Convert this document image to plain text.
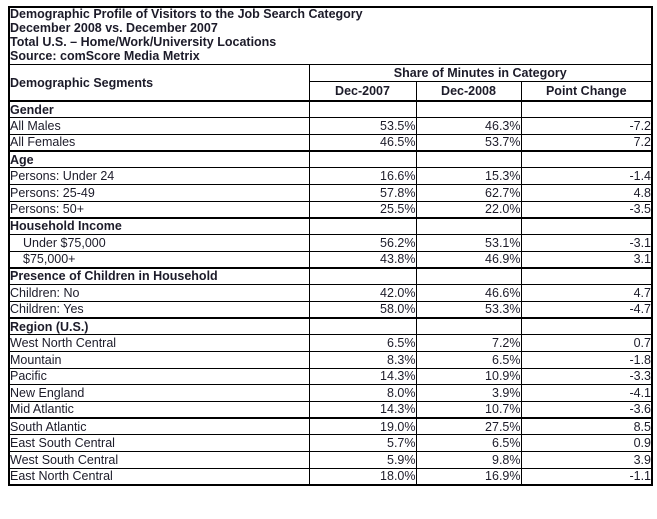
Demographic Profile of Visitors to the Job Search Category
December 2008 vs. December 2007
Total U.S. – Home/Work/University Locations
Source: comScore Media Metrix			

Demographic Segments	Share of Minutes in Category		
	Dec-2007	Dec-2008	Point Change
Gender			
All Males	53.5%	46.3%	-7.2
All Females	46.5%	53.7%	7.2
Age			
Persons: Under 24	16.6%	15.3%	-1.4
Persons: 25-49	57.8%	62.7%	4.8
Persons: 50+	25.5%	22.0%	-3.5
Household Income			
Under $75,000	56.2%	53.1%	-3.1
$75,000+	43.8%	46.9%	3.1
Presence of Children in Household			
Children: No	42.0%	46.6%	4.7
Children: Yes	58.0%	53.3%	-4.7
Region (U.S.)			
West North Central	6.5%	7.2%	0.7
Mountain	8.3%	6.5%	-1.8
Pacific	14.3%	10.9%	-3.3
New England	8.0%	3.9%	-4.1
Mid Atlantic	14.3%	10.7%	-3.6
South Atlantic	19.0%	27.5%	8.5
East South Central	5.7%	6.5%	0.9
West South Central	5.9%	9.8%	3.9
East North Central	18.0%	16.9%	-1.1
